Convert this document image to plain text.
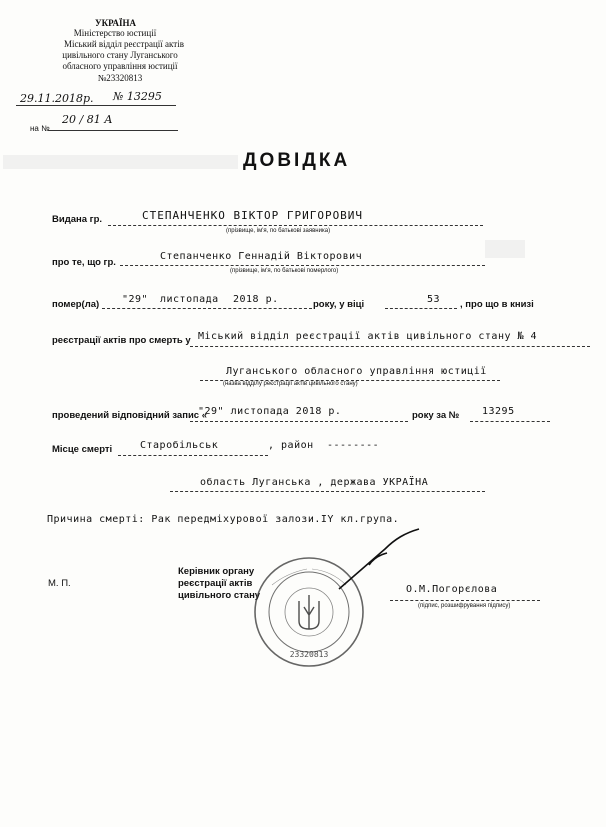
УКРАЇНА
Міністерство юстиції
Міський відділ реєстрації актів
цивільного стану Луганського
обласного управління юстиції
№23320813
29.11.2018р. № 13295
на №
20 / 81 А
ДОВІДКА
Видана гр.	СТЕПАНЧЕНКО ВІКТОР ГРИГОРОВИЧ
(прізвище, ім'я, по батькові заявника)
про те, що гр.
Степанченко Геннадій Вікторович
(прізвище, ім'я, по батькові померлого)
помер(ла) "29" листопада 2018 р.	року, у віці	53 , про що в книзі
реєстрації актів про смерть у Міський відділ реєстрації актів цивільного стану № 4
Луганського обласного управління юстиції
(назва відділу реєстрації актів цивільного стану)
проведений відповідний запис «
"29" листопада 2018 р.	року за № 13295
Місце смерті	Старобільськ	, район --------
область Луганська , держава УКРАЇНА
Причина смерті: Рак передміхурової залози.IY кл.група.
М. П.
Керівник органу
реєстрації актів
цивільного стану
О.М.Погорєлова
(підпис, розшифрування підпису)
23320813
